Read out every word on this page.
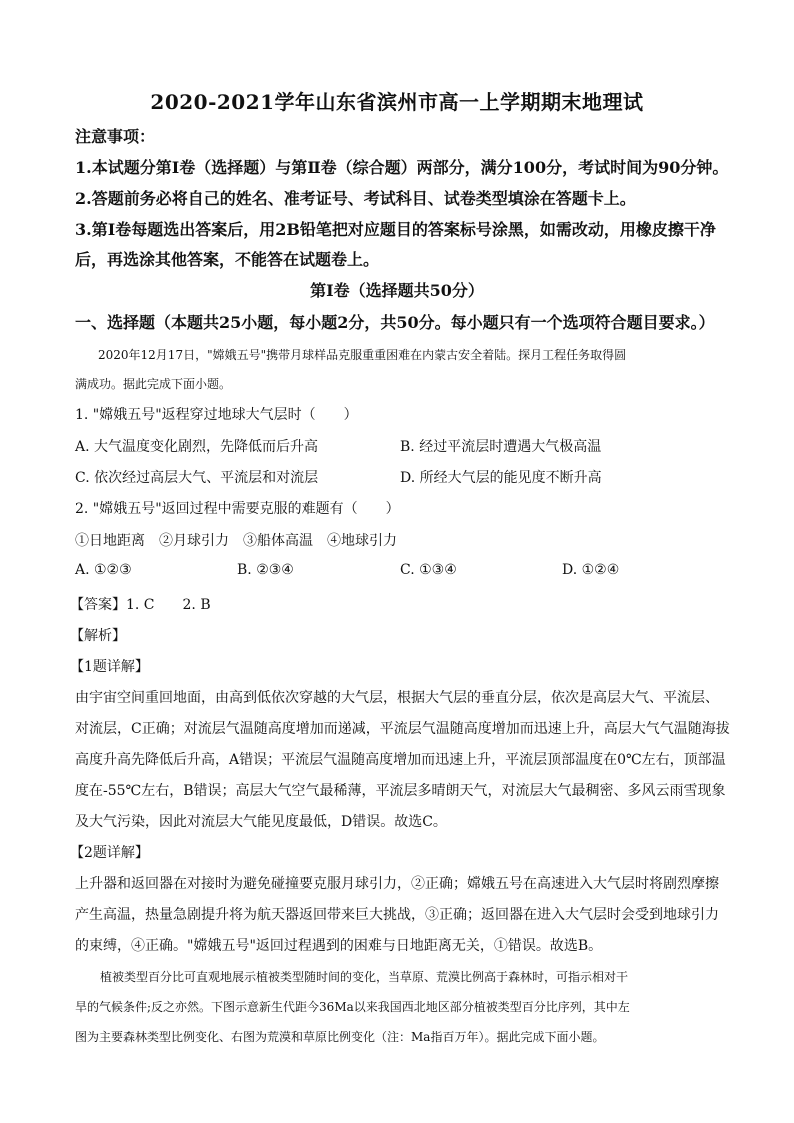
2020-2021学年山东省滨州市高一上学期期末地理试
注意事项：
1.本试题分第Ⅰ卷（选择题）与第Ⅱ卷（综合题）两部分，满分100分，考试时间为90分钟。
2.答题前务必将自己的姓名、准考证号、考试科目、试卷类型填涂在答题卡上。
3.第Ⅰ卷每题选出答案后，用2B铅笔把对应题目的答案标号涂黑，如需改动，用橡皮擦干净
后，再选涂其他答案，不能答在试题卷上。
第Ⅰ卷（选择题共50分）
一、选择题（本题共25小题，每小题2分，共50分。每小题只有一个选项符合题目要求。）
2020年12月17日，"嫦娥五号"携带月球样品克服重重困难在内蒙古安全着陆。探月工程任务取得圆
满成功。据此完成下面小题。
1. "嫦娥五号"返程穿过地球大气层时（　　）
A. 大气温度变化剧烈，先降低而后升高	B. 经过平流层时遭遇大气极高温
C. 依次经过高层大气、平流层和对流层	D. 所经大气层的能见度不断升高
2. "嫦娥五号"返回过程中需要克服的难题有（　　）
①日地距离　②月球引力　③船体高温　④地球引力
A. ①②③	B. ②③④	C. ①③④	D. ①②④
【答案】1. C　　2. B
【解析】
【1题详解】
由宇宙空间重回地面，由高到低依次穿越的大气层，根据大气层的垂直分层，依次是高层大气、平流层、
对流层，C正确；对流层气温随高度增加而递减，平流层气温随高度增加而迅速上升，高层大气气温随海拔
高度升高先降低后升高，A错误；平流层气温随高度增加而迅速上升，平流层顶部温度在0℃左右，顶部温
度在-55℃左右，B错误；高层大气空气最稀薄，平流层多晴朗天气，对流层大气最稠密、多风云雨雪现象
及大气污染，因此对流层大气能见度最低，D错误。故选C。
【2题详解】
上升器和返回器在对接时为避免碰撞要克服月球引力，②正确；嫦娥五号在高速进入大气层时将剧烈摩擦
产生高温，热量急剧提升将为航天器返回带来巨大挑战，③正确；返回器在进入大气层时会受到地球引力
的束缚，④正确。"嫦娥五号"返回过程遇到的困难与日地距离无关，①错误。故选B。
植被类型百分比可直观地展示植被类型随时间的变化，当草原、荒漠比例高于森林时，可指示相对干
旱的气候条件;反之亦然。下图示意新生代距今36Ma以来我国西北地区部分植被类型百分比序列，其中左
图为主要森林类型比例变化、右图为荒漠和草原比例变化（注：Ma指百万年）。据此完成下面小题。
